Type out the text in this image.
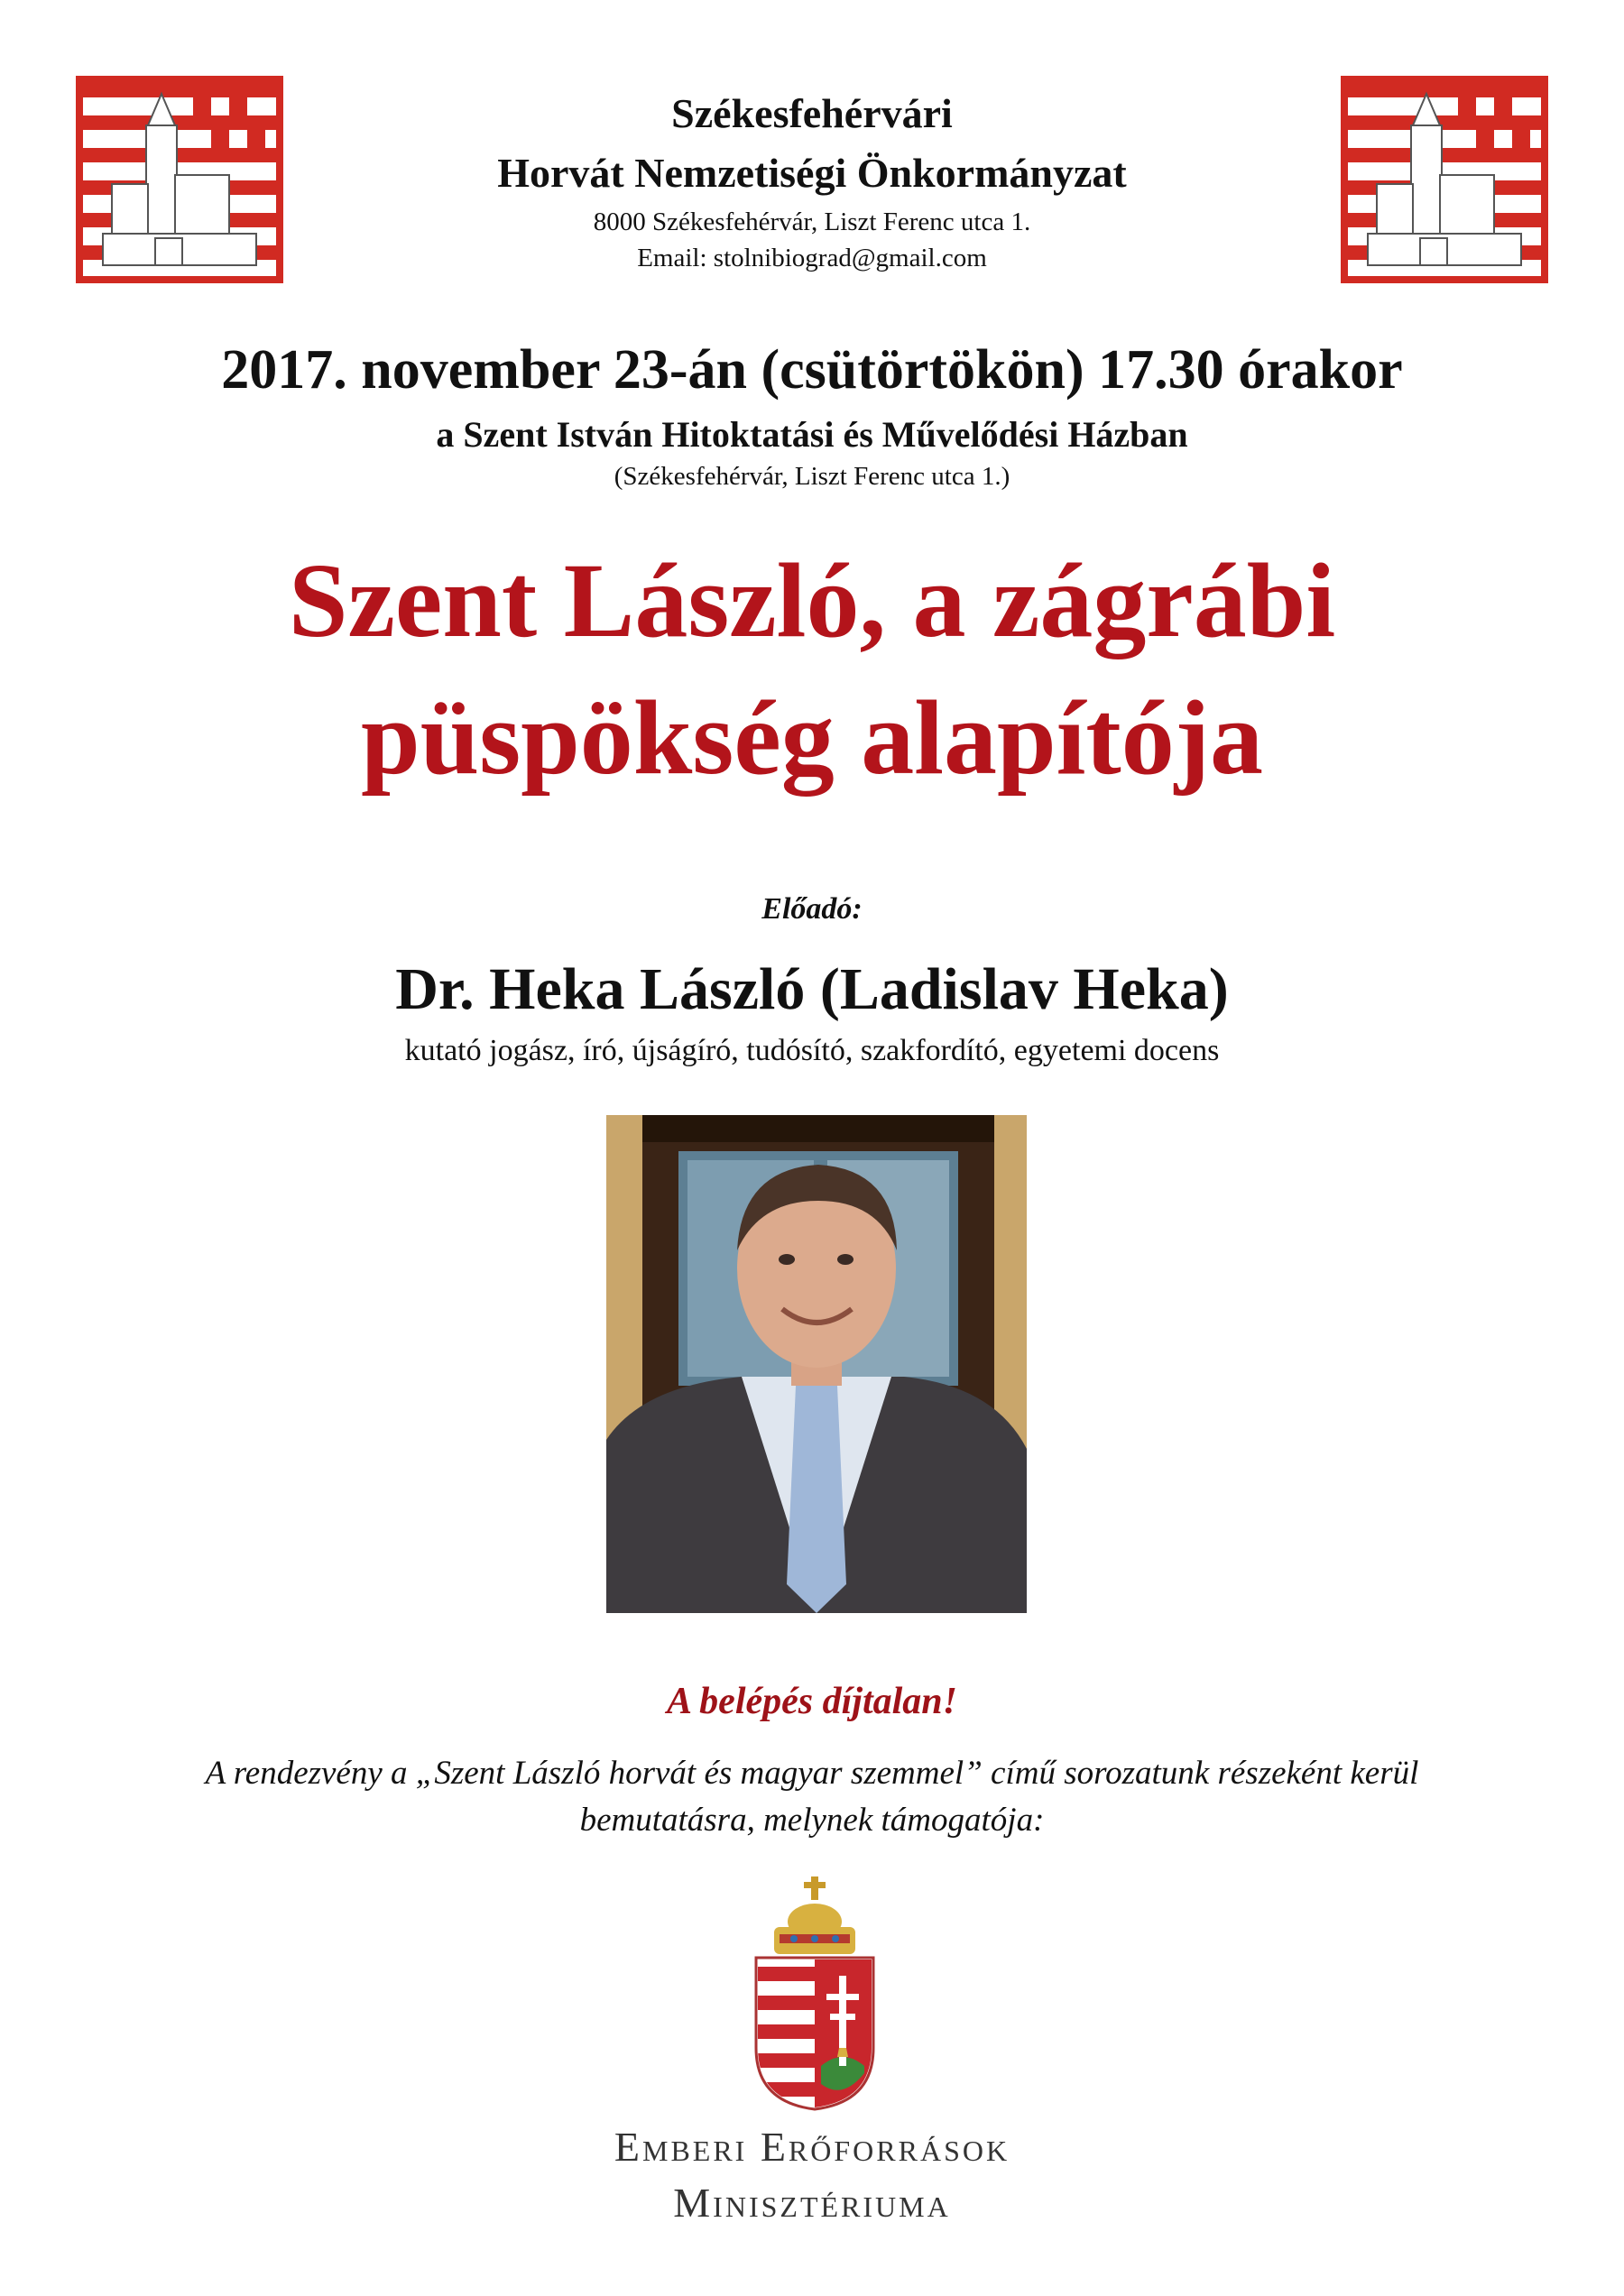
Székesfehérvári
Horvát Nemzetiségi Önkormányzat
8000 Székesfehérvár, Liszt Ferenc utca 1.
Email: stolnibiograd@gmail.com
2017. november 23-án (csütörtökön) 17.30 órakor
a Szent István Hitoktatási és Művelődési Házban
(Székesfehérvár, Liszt Ferenc utca 1.)
Szent László, a zágrábi
püspökség alapítója
Előadó:
Dr. Heka László (Ladislav Heka)
kutató jogász, író, újságíró, tudósító, szakfordító, egyetemi docens
A belépés díjtalan!
A rendezvény a „Szent László horvát és magyar szemmel” című sorozatunk részeként kerül
bemutatásra, melynek támogatója:
Emberi Erőforrások
Minisztériuma
